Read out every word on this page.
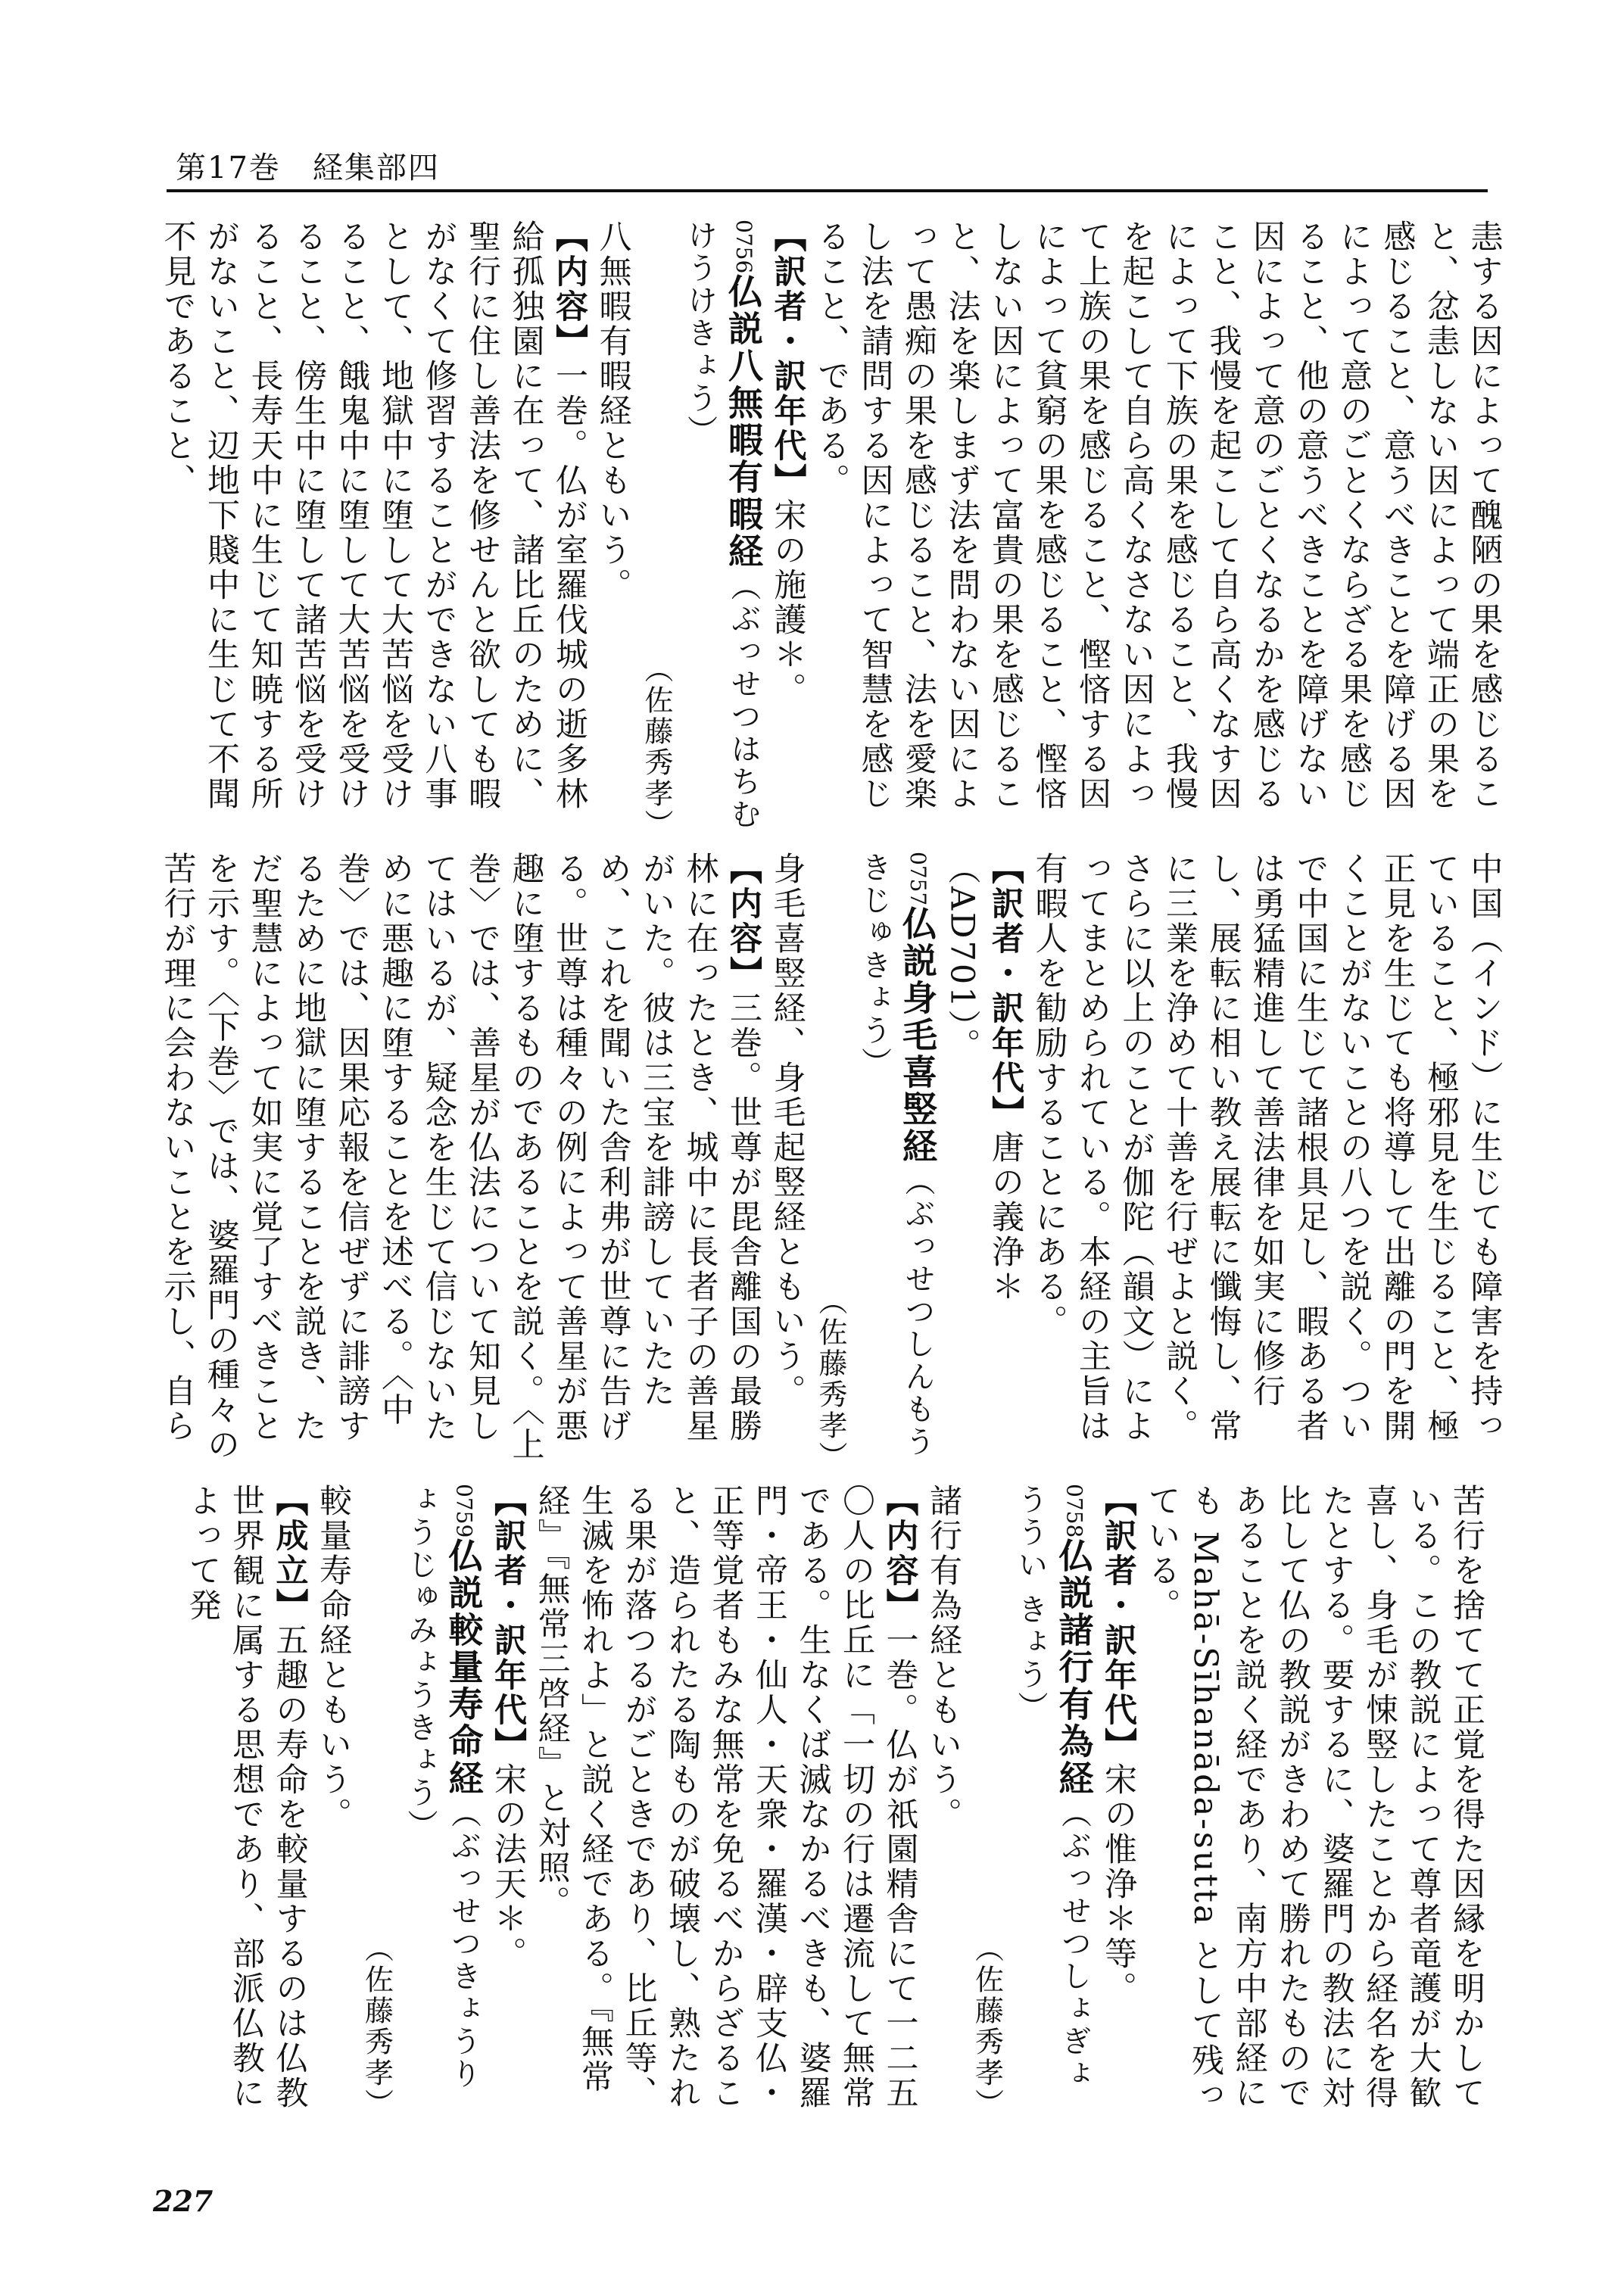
第17巻　経集部四
恚する因によって醜陋の果を感じること、忿恚しない因によって端正の果を感じること、意うべきことを障げる因によって意のごとくならざる果を感じること、他の意うべきことを障げない因によって意のごとくなるかを感じること、我慢を起こして自ら高くなす因によって下族の果を感じること、我慢を起こして自ら高くなさない因によって上族の果を感じること、慳悋する因によって貧窮の果を感じること、慳悋しない因によって富貴の果を感じること、法を楽しまず法を問わない因によって愚痴の果を感じること、法を愛楽し法を請問する因によって智慧を感じること、である。
【訳者・訳年代】宋の施護＊。
0756仏説八無暇有暇経（ぶっせつはちむけうけきょう）
（佐藤秀孝）
八無暇有暇経ともいう。
【内容】一巻。仏が室羅伐城の逝多林給孤独園に在って、諸比丘のために、聖行に住し善法を修せんと欲しても暇がなくて修習することができない八事として、地獄中に堕して大苦悩を受けること、餓鬼中に堕して大苦悩を受けること、傍生中に堕して諸苦悩を受けること、長寿天中に生じて知暁する所がないこと、辺地下賤中に生じて不聞不見であること、
中国（インド）に生じても障害を持っていること、極邪見を生じること、極正見を生じても将導して出離の門を開くことがないことの八つを説く。ついで中国に生じて諸根具足し、暇ある者は勇猛精進して善法律を如実に修行し、展転に相い教え展転に懺悔し、常に三業を浄めて十善を行ぜよと説く。さらに以上のことが伽陀（韻文）によってまとめられている。本経の主旨は有暇人を勧励することにある。
【訳者・訳年代】唐の義浄＊（AD701）。
0757仏説身毛喜竪経（ぶっせつしんもうきじゅきょう）
（佐藤秀孝）
身毛喜竪経、身毛起竪経ともいう。
【内容】三巻。世尊が毘舎離国の最勝林に在ったとき、城中に長者子の善星がいた。彼は三宝を誹謗していたため、これを聞いた舎利弗が世尊に告げる。世尊は種々の例によって善星が悪趣に堕するものであることを説く。〈上巻〉では、善星が仏法について知見してはいるが、疑念を生じて信じないために悪趣に堕することを述べる。〈中巻〉では、因果応報を信ぜずに誹謗するために地獄に堕することを説き、ただ聖慧によって如実に覚了すべきことを示す。〈下巻〉では、婆羅門の種々の苦行が理に会わないことを示し、自ら
苦行を捨てて正覚を得た因縁を明かしている。この教説によって尊者竜護が大歓喜し、身毛が悚竪したことから経名を得たとする。要するに、婆羅門の教法に対比して仏の教説がきわめて勝れたものであることを説く経であり、南方中部経にも Mahā-Sīhanāda-sutta として残っている。
【訳者・訳年代】宋の惟浄＊等。
0758仏説諸行有為経（ぶっせつしょぎょううい きょう）
（佐藤秀孝）
諸行有為経ともいう。
【内容】一巻。仏が祇園精舎にて一二五〇人の比丘に「一切の行は遷流して無常である。生なくば滅なかるべきも、婆羅門・帝王・仙人・天衆・羅漢・辟支仏・正等覚者もみな無常を免るべからざること、造られたる陶ものが破壊し、熟たれる果が落つるがごときであり、比丘等、生滅を怖れよ」と説く経である。『無常経』『無常三啓経』と対照。
【訳者・訳年代】宋の法天＊。
0759仏説較量寿命経（ぶっせつきょうりょうじゅみょうきょう）
（佐藤秀孝）
較量寿命経ともいう。
【成立】五趣の寿命を較量するのは仏教世界観に属する思想であり、部派仏教によって発
227
